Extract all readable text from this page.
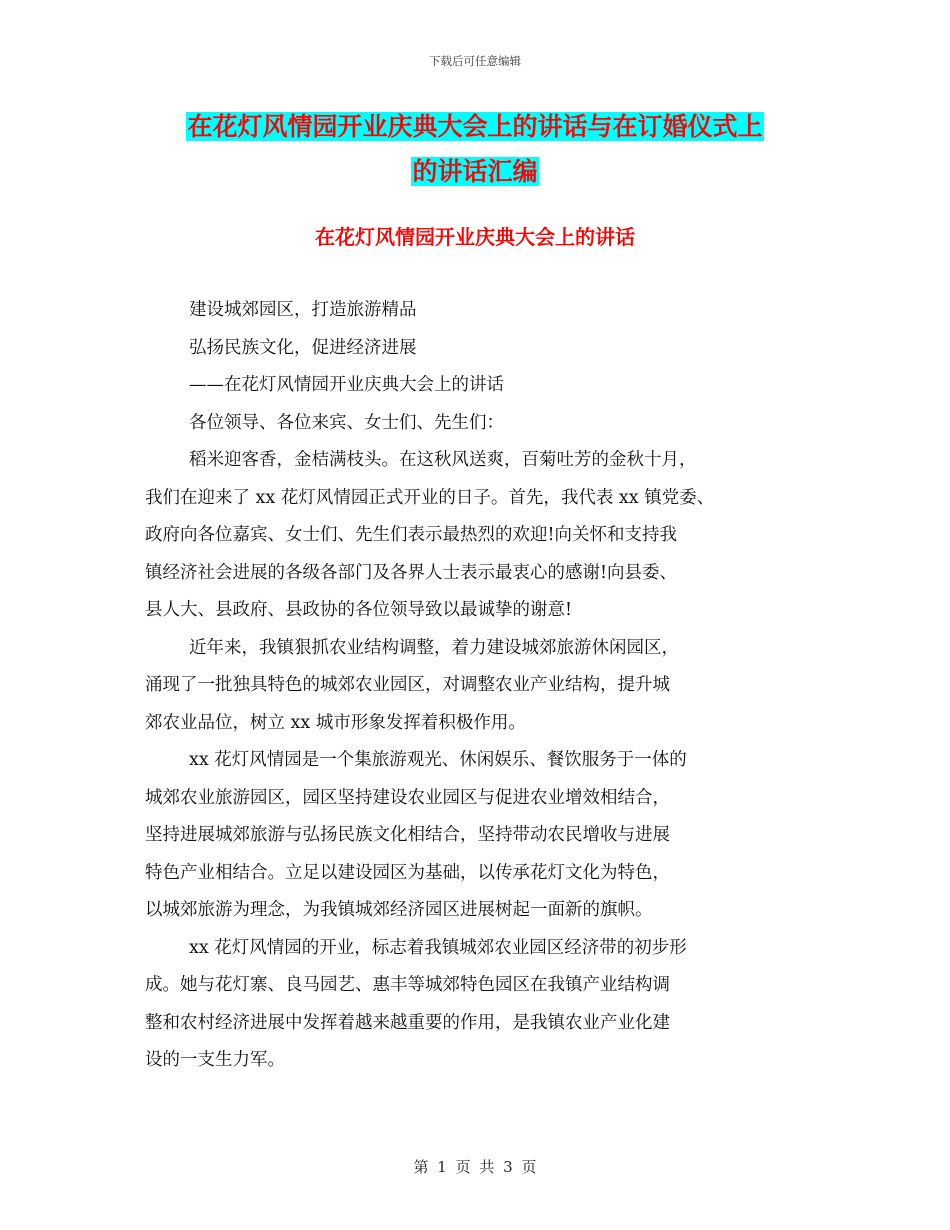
下载后可任意编辑
在花灯风情园开业庆典大会上的讲话与在订婚仪式上
的讲话汇编
在花灯风情园开业庆典大会上的讲话
建设城郊园区，打造旅游精品
弘扬民族文化，促进经济进展
——在花灯风情园开业庆典大会上的讲话
各位领导、各位来宾、女士们、先生们：
稻米迎客香，金桔满枝头。在这秋风送爽，百菊吐芳的金秋十月，
我们在迎来了 xx 花灯风情园正式开业的日子。首先，我代表 xx 镇党委、
政府向各位嘉宾、女士们、先生们表示最热烈的欢迎!向关怀和支持我
镇经济社会进展的各级各部门及各界人士表示最衷心的感谢!向县委、
县人大、县政府、县政协的各位领导致以最诚挚的谢意!
近年来，我镇狠抓农业结构调整，着力建设城郊旅游休闲园区，
涌现了一批独具特色的城郊农业园区，对调整农业产业结构，提升城
郊农业品位，树立 xx 城市形象发挥着积极作用。
xx 花灯风情园是一个集旅游观光、休闲娱乐、餐饮服务于一体的
城郊农业旅游园区，园区坚持建设农业园区与促进农业增效相结合，
坚持进展城郊旅游与弘扬民族文化相结合，坚持带动农民增收与进展
特色产业相结合。立足以建设园区为基础，以传承花灯文化为特色，
以城郊旅游为理念，为我镇城郊经济园区进展树起一面新的旗帜。
xx 花灯风情园的开业，标志着我镇城郊农业园区经济带的初步形
成。她与花灯寨、良马园艺、惠丰等城郊特色园区在我镇产业结构调
整和农村经济进展中发挥着越来越重要的作用，是我镇农业产业化建
设的一支生力军。
第 1 页 共 3 页
